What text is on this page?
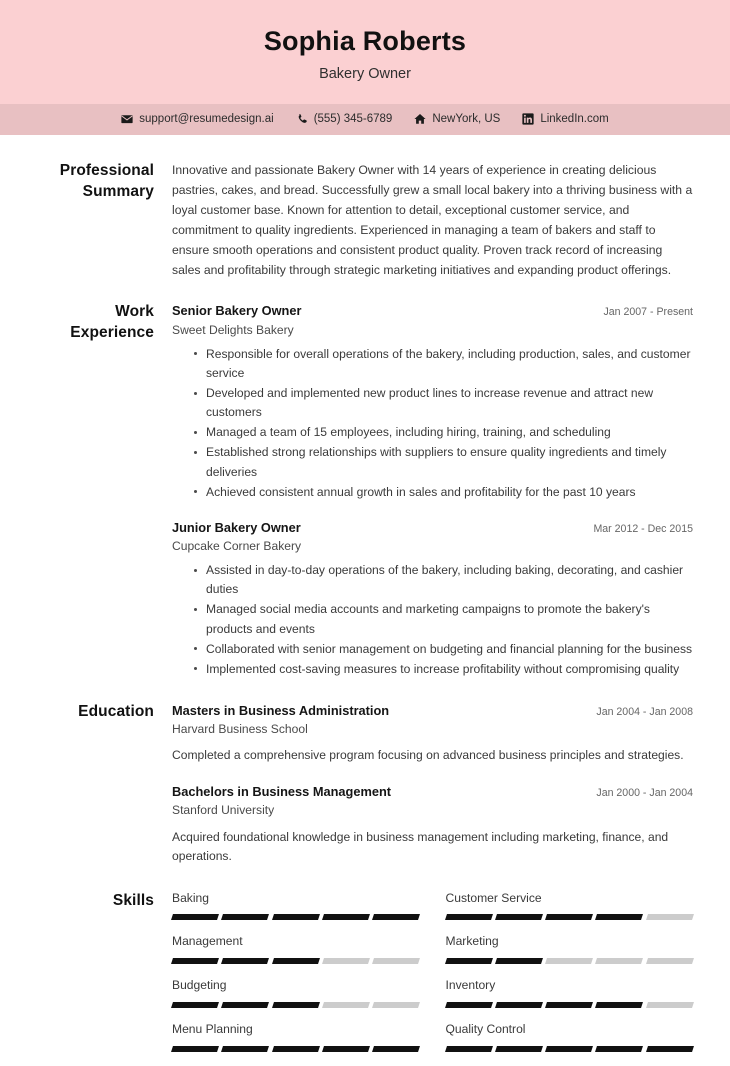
Sophia Roberts
Bakery Owner
support@resumedesign.ai	(555) 345-6789	NewYork, US	LinkedIn.com
Professional Summary
Innovative and passionate Bakery Owner with 14 years of experience in creating delicious pastries, cakes, and bread. Successfully grew a small local bakery into a thriving business with a loyal customer base. Known for attention to detail, exceptional customer service, and commitment to quality ingredients. Experienced in managing a team of bakers and staff to ensure smooth operations and consistent product quality. Proven track record of increasing sales and profitability through strategic marketing initiatives and expanding product offerings.
Work Experience
Senior Bakery Owner	Jan 2007 - Present
Sweet Delights Bakery
Responsible for overall operations of the bakery, including production, sales, and customer service
Developed and implemented new product lines to increase revenue and attract new customers
Managed a team of 15 employees, including hiring, training, and scheduling
Established strong relationships with suppliers to ensure quality ingredients and timely deliveries
Achieved consistent annual growth in sales and profitability for the past 10 years
Junior Bakery Owner	Mar 2012 - Dec 2015
Cupcake Corner Bakery
Assisted in day-to-day operations of the bakery, including baking, decorating, and cashier duties
Managed social media accounts and marketing campaigns to promote the bakery's products and events
Collaborated with senior management on budgeting and financial planning for the business
Implemented cost-saving measures to increase profitability without compromising quality
Education	Masters in Business Administration	Jan 2004 - Jan 2008
Harvard Business School
Completed a comprehensive program focusing on advanced business principles and strategies.
Bachelors in Business Management	Jan 2000 - Jan 2004
Stanford University
Acquired foundational knowledge in business management including marketing, finance, and operations.
Skills	Baking	Customer Service
Management	Marketing
Budgeting	Inventory
Menu Planning	Quality Control
